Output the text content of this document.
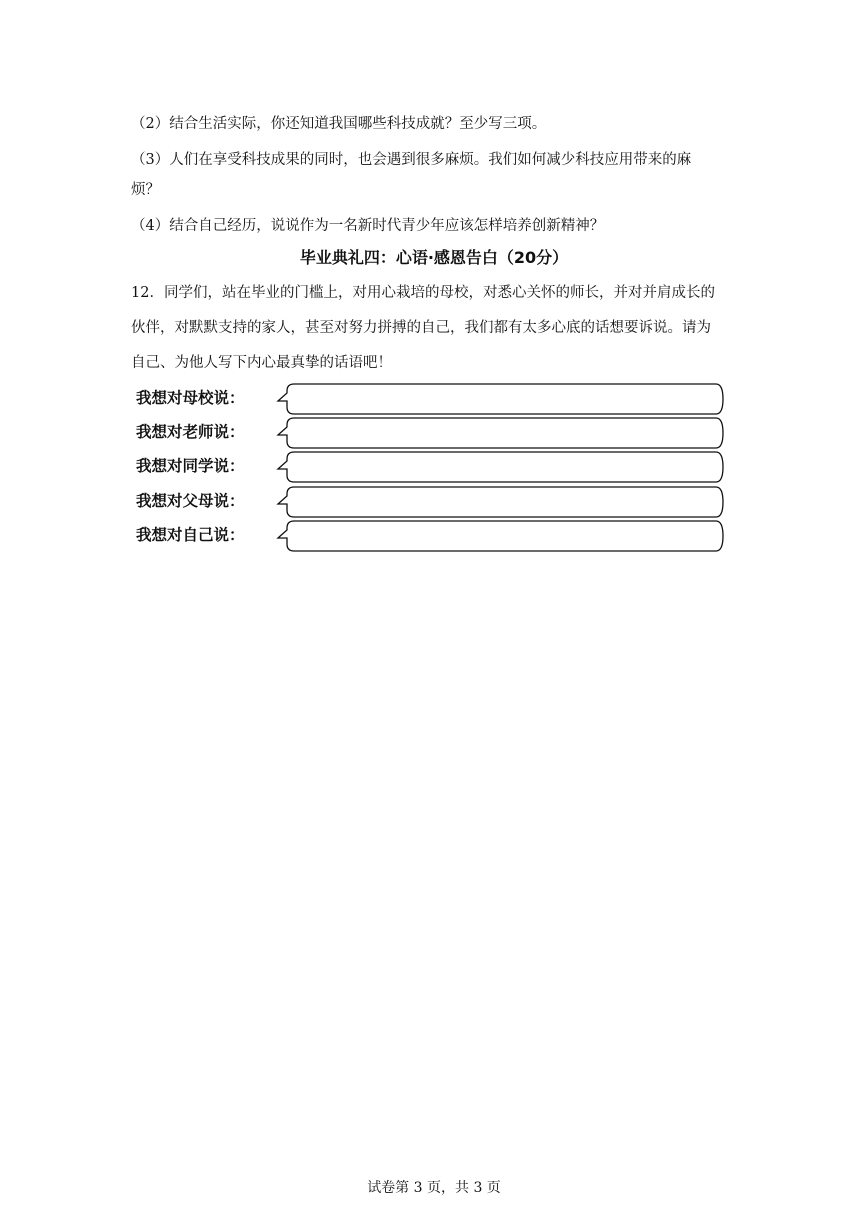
（2）结合生活实际，你还知道我国哪些科技成就？至少写三项。
（3）人们在享受科技成果的同时，也会遇到很多麻烦。我们如何减少科技应用带来的麻
烦？
（4）结合自己经历，说说作为一名新时代青少年应该怎样培养创新精神？
毕业典礼四：心语·感恩告白（20分）
12．同学们，站在毕业的门槛上，对用心栽培的母校，对悉心关怀的师长，并对并肩成长的
伙伴，对默默支持的家人，甚至对努力拼搏的自己，我们都有太多心底的话想要诉说。请为
自己、为他人写下内心最真挚的话语吧！
我想对母校说：
我想对老师说：
我想对同学说：
我想对父母说：
我想对自己说：
试卷第 3 页，共 3 页
